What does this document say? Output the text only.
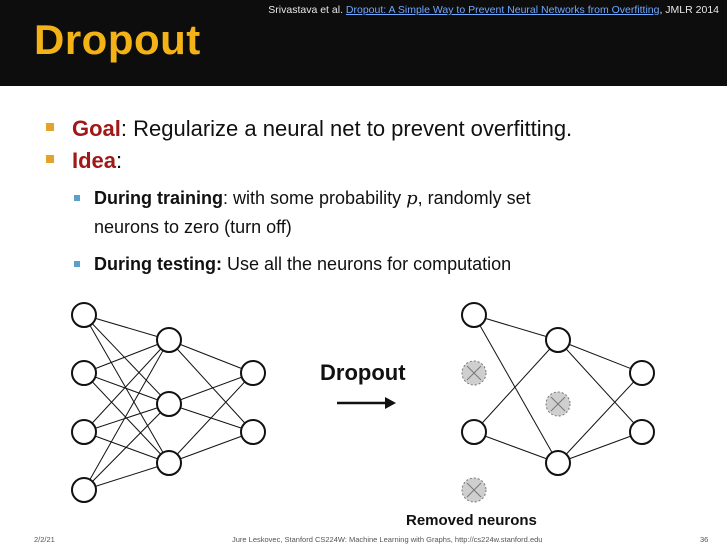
Srivastava et al. Dropout: A Simple Way to Prevent Neural Networks from Overfitting, JMLR 2014
Dropout
Goal: Regularize a neural net to prevent overfitting.
Idea:
During training: with some probability p, randomly set
neurons to zero (turn off)
During testing: Use all the neurons for computation
Dropout
Removed neurons
2/2/21	Jure Leskovec, Stanford CS224W: Machine Learning with Graphs, http://cs224w.stanford.edu	36
